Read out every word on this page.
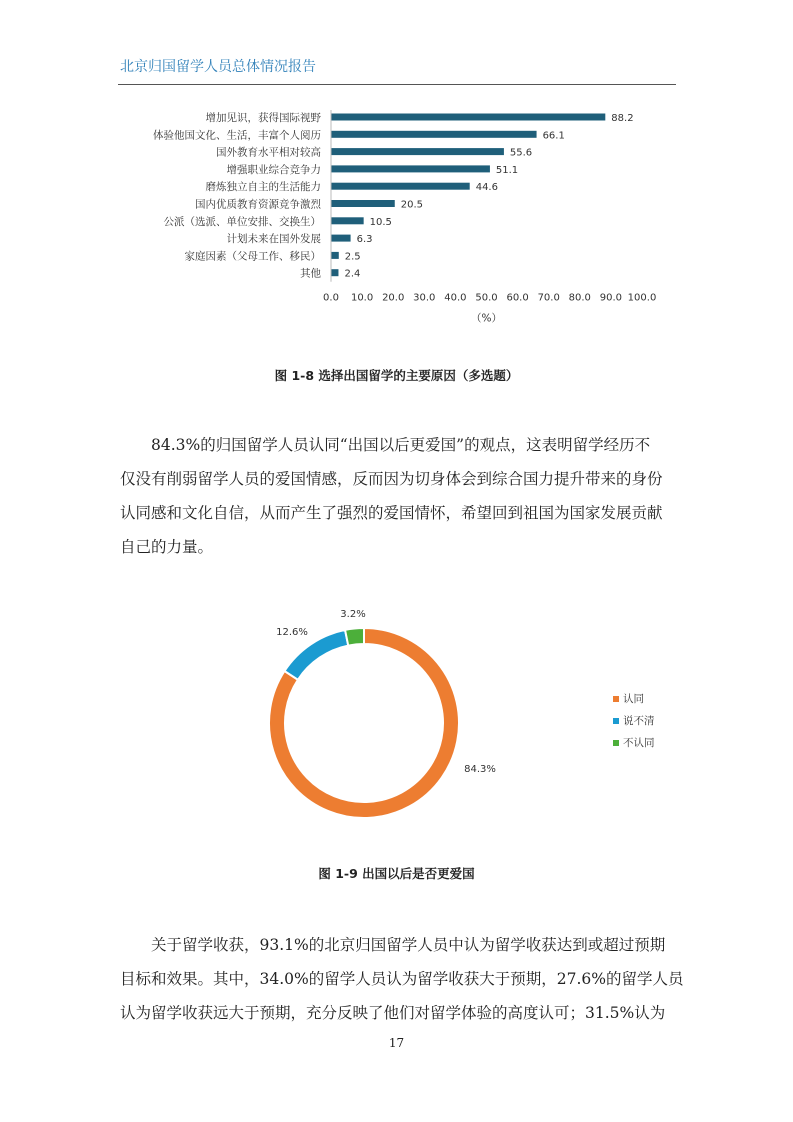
北京归国留学人员总体情况报告
增加见识，获得国际视野	88.2
体验他国文化、生活，丰富个人阅历	66.1
国外教育水平相对较高	55.6
增强职业综合竞争力	51.1
磨炼独立自主的生活能力	44.6
国内优质教育资源竞争激烈	20.5
公派（选派、单位安排、交换生）	10.5
计划未来在国外发展	6.3
家庭因素（父母工作、移民） 2.5
其他 2.4
0.0 10.0 20.0 30.0 40.0 50.0 60.0 70.0 80.0 90.0 100.0
（%）
图 1-8 选择出国留学的主要原因（多选题）
84.3%的归国留学人员认同“出国以后更爱国”的观点，这表明留学经历不
仅没有削弱留学人员的爱国情感，反而因为切身体会到综合国力提升带来的身份
认同感和文化自信，从而产生了强烈的爱国情怀，希望回到祖国为国家发展贡献
自己的力量。
84.3%
12.6%
3.2%
认同
说不清
不认同
图 1-9 出国以后是否更爱国
关于留学收获，93.1%的北京归国留学人员中认为留学收获达到或超过预期
目标和效果。其中，34.0%的留学人员认为留学收获大于预期，27.6%的留学人员
认为留学收获远大于预期，充分反映了他们对留学体验的高度认可；31.5%认为
17
